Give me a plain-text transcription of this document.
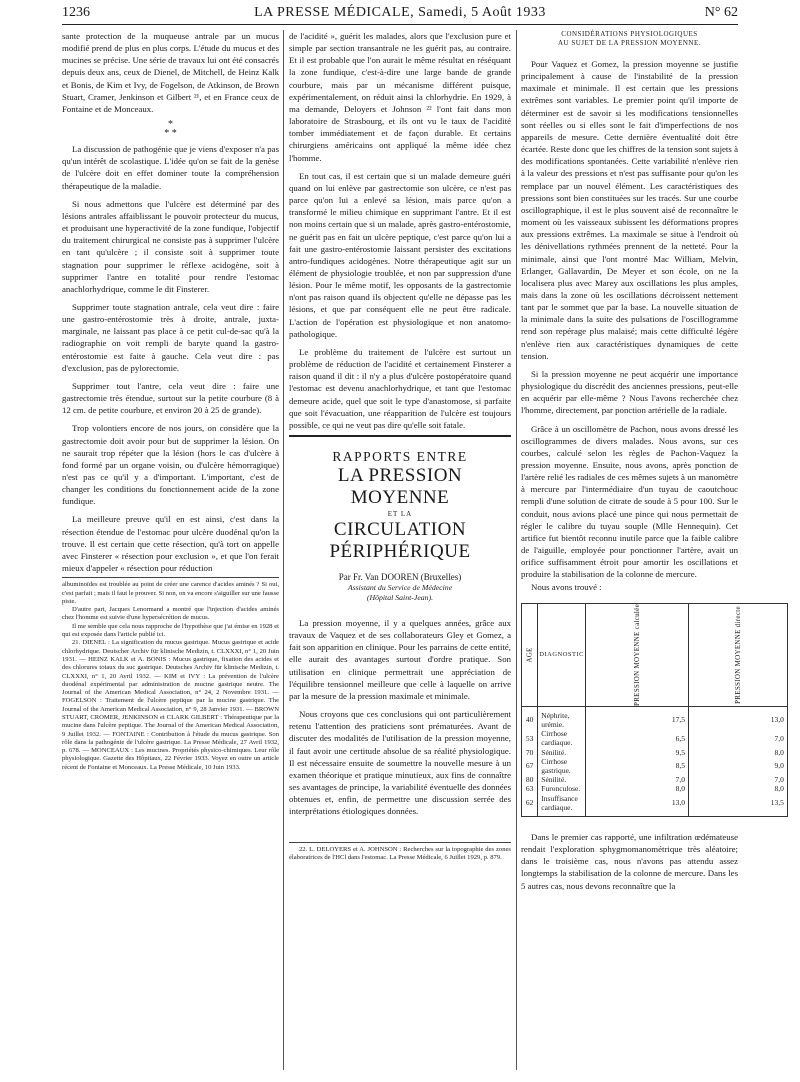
1236	LA PRESSE MÉDICALE, Samedi, 5 Août 1933	N° 62

sante protection de la muqueuse antrale par un mucus modifié prend de plus en plus corps. L'étude du mucus et des mucines se précise. Une série de travaux lui ont été consacrés depuis deux ans, ceux de Dienel, de Mitchell, de Heinz Kalk et Bonis, de Kim et Ivy, de Fogelson, de Atkinson, de Brown Stuart, Cramer, Jenkinson et Gilbert ²¹, et en France ceux de Fontaine et de Monceaux.

*
* *

La discussion de pathogénie que je viens d'exposer n'a pas qu'un intérêt de scolastique. L'idée qu'on se fait de la genèse de l'ulcère doit en effet dominer toute la compréhension thérapeutique de la maladie.

Si nous admettons que l'ulcère est déterminé par des lésions antrales affaiblissant le pouvoir protecteur du mucus, et produisant une hyperactivité de la zone fundique, l'objectif du traitement chirurgical ne consiste pas à supprimer l'ulcère en tant qu'ulcère ; il consiste soit à supprimer toute stagnation pour supprimer le réflexe acidogène, soit à supprimer l'antre en totalité pour rendre l'estomac anachlorhydrique, comme le dit Finsterer.

Supprimer toute stagnation antrale, cela veut dire : faire une gastro-entérostomie très à droite, antrale, juxta-marginale, ne laissant pas place à ce petit cul-de-sac qu'à la radiographie on voit rempli de baryte quand la gastro-entérostomie est faite à gauche. Cela veut dire : pas d'exclusion, pas de pylorectomie.

Supprimer tout l'antre, cela veut dire : faire une gastrectomie très étendue, surtout sur la petite courbure (8 à 12 cm. de petite courbure, et environ 20 à 25 de grande).

Trop volontiers encore de nos jours, on considère que la gastrectomie doit avoir pour but de supprimer la lésion. On ne saurait trop répéter que la lésion (hors le cas d'ulcère à fond formé par un organe voisin, ou d'ulcère hémorragique) n'est pas ce qu'il y a d'important. L'important, c'est de changer les conditions du fonctionnement acide de la zone fundique.

La meilleure preuve qu'il en est ainsi, c'est dans la résection étendue de l'estomac pour ulcère duodénal qu'on la trouve. Il est certain que cette résection, qu'à tort on appelle avec Finsterer « résection pour exclusion », et que l'on ferait mieux d'appeler « résection pour réduction

albuminoïdes est troublée au point de créer une carence d'acides aminés ? Si oui, c'est parfait ; mais il faut le prouver. Si non, on va encore s'aiguiller sur une fausse piste.

D'autre part, Jacques Lenormand a montré que l'injection d'acides aminés chez l'homme est suivie d'une hypersécrétion de mucus.

Il me semble que cela nous rapproche de l'hypothèse que j'ai émise en 1928 et qui est exposée dans l'article publié ici.

21. DIENEL : La signification du mucus gastrique. Mucus gastrique et acide chlorhydrique. Deutscher Archiv für klinische Medizin, t. CLXXXI, n° 1, 20 Juin 1931. — HEINZ KALK et A. BONIS : Mucus gastrique, fixation des acides et des chlorures totaux du suc gastrique. Deutsches Archiv für klinische Medizin, t. CLXXXI, n° 1, 20 Avril 1932. — KIM et IVY : La prévention de l'ulcère duodénal expérimental par administration de mucine gastrique neutre. The Journal of the American Medical Association, n° 24, 2 Novembre 1931. — FOGELSON : Traitement de l'ulcère peptique par la mucine gastrique. The Journal of the American Medical Association, n° 9, 28 Janvier 1931. — BROWN STUART, CROMER, JENKINSON et CLARK GILBERT : Thérapeutique par la mucine dans l'ulcère peptique. The Journal of the American Medical Association, 9 Juillet 1932. — FONTAINE : Contribution à l'étude du mucus gastrique. Son rôle dans la pathogénie de l'ulcère gastrique. La Presse Médicale, 27 Avril 1932, p. 678. — MONCEAUX : Les mucines. Propriétés physico-chimiques. Leur rôle physiologique. Gazette des Hôpitaux, 22 Février 1933. Voyez en outre un article récent de Fontaine et Monceaux. La Presse Médicale, 10 Juin 1933.

de l'acidité », guérit les malades, alors que l'exclusion pure et simple par section transantrale ne les guérit pas, au contraire. Et il est probable que l'on aurait le même résultat en réséquant la zone fundique, c'est-à-dire une large bande de grande courbure, mais par un mécanisme différent puisque, expérimentalement, on réduit ainsi la chlorhydrie. En 1929, à ma demande, Deloyers et Johnson ²² l'ont fait dans mon laboratoire de Strasbourg, et ils ont vu le taux de l'acidité tomber immédiatement et de façon durable. Et certains chirurgiens américains ont appliqué la même idée chez l'homme.

En tout cas, il est certain que si un malade demeure guéri quand on lui enlève par gastrectomie son ulcère, ce n'est pas parce qu'on lui a enlevé sa lésion, mais parce qu'on a transformé le milieu chimique en supprimant l'antre. Et il est non moins certain que si un malade, après gastro-entérostomie, ne guérit pas en fait un ulcère peptique, c'est parce qu'on lui a fait une gastro-entérostomie laissant persister des excitations antro-fundiques acidogènes. Notre thérapeutique agit sur un élément de physiologie troublée, et non par suppression d'une lésion. Pour le même motif, les opposants de la gastrectomie n'ont pas raison quand ils objectent qu'elle ne dépasse pas les lésions, et que par conséquent elle ne peut être radicale. L'action de l'opération est physiologique et non anatomo-pathologique.

Le problème du traitement de l'ulcère est surtout un problème de réduction de l'acidité et certainement Finsterer a raison quand il dit : il n'y a plus d'ulcère postopératoire quand l'estomac est devenu anachlorhydrique, et tant que l'estomac demeure acide, quel que soit le type d'anastomose, si parfaite que soit l'évacuation, une réapparition de l'ulcère est toujours possible, ce qui ne veut pas dire qu'elle soit fatale.

RAPPORTS ENTRE
LA PRESSION MOYENNE
ET LA
CIRCULATION PÉRIPHÉRIQUE
Par Fr. Van DOOREN (Bruxelles)
Assistant du Service de Médecine
(Hôpital Saint-Jean).

La pression moyenne, il y a quelques années, grâce aux travaux de Vaquez et de ses collaborateurs Gley et Gomez, a fait son apparition en clinique. Pour les parrains de cette entité, elle aurait des avantages surtout d'ordre pratique. Son utilisation en clinique permettrait une appréciation de l'équilibre tensionnel meilleure que celle à laquelle on arrive par la mesure de la pression maximale et minimale.

Nous croyons que ces conclusions qui ont particulièrement retenu l'attention des praticiens sont prématurées. Avant de discuter des modalités de l'utilisation de la pression moyenne, il faut avoir une certitude absolue de sa réalité physiologique. Il est nécessaire ensuite de soumettre la nouvelle mesure à un examen théorique et pratique minutieux, aux fins de connaître ses avantages de principe, la variabilité éventuelle des données obtenues et, enfin, de permettre une discussion serrée des interprétations étiologiques données.

22. L. DELOYERS et A. JOHNSON : Recherches sur la topographie des zones élaboratrices de l'HCl dans l'estomac. La Presse Médicale, 6 Juillet 1929, p. 879.

CONSIDÉRATIONS PHYSIOLOGIQUES
AU SUJET DE LA PRESSION MOYENNE.

Pour Vaquez et Gomez, la pression moyenne se justifie principalement à cause de l'instabilité de la pression maximale et minimale. Il est certain que les pressions extrêmes sont variables. Le premier point qu'il importe de déterminer est de savoir si les modifications tensionnelles sont réelles ou si elles sont le fait d'imperfections de nos appareils de mesure. Cette dernière éventualité doit être écartée. Reste donc que les chiffres de la tension sont sujets à des modifications spontanées. Cette variabilité n'enlève rien à la valeur des pressions et n'est pas suffisante pour qu'on les remplace par un nouvel élément. Les caractéristiques des pressions sont bien constituées sur les tracés. Sur une courbe oscillographique, il est le plus souvent aisé de reconnaître le moment où les vaisseaux subissent les déformations propres aux pressions extrêmes. La maximale se situe à l'endroit où les dénivellations rythmées prennent de la netteté. Pour la minimale, ainsi que l'ont montré Mac William, Melvin, Erlanger, Gallavardin, De Meyer et son école, on ne la localisera plus avec Marey aux oscillations les plus amples, mais dans la zone où les oscillations décroissent nettement tant par le sommet que par la base. La nouvelle situation de la minimale dans la suite des pulsations de l'oscillogramme rend son repérage plus malaisé; mais cette difficulté légère n'enlève rien aux caractéristiques dynamiques de cette tension.

Si la pression moyenne ne peut acquérir une importance physiologique du discrédit des anciennes pressions, peut-elle en acquérir par elle-même ? Nous l'avons recherchée chez l'homme, directement, par ponction artérielle de la radiale.

Grâce à un oscillomètre de Pachon, nous avons dressé les oscillogrammes de divers malades. Nous avons, sur ces courbes, calculé selon les règles de Pachon-Vaquez la pression moyenne. Ensuite, nous avons, après ponction de l'artère relié les radiales de ces mêmes sujets à un manomètre à mercure par l'intermédiaire d'un tuyau de caoutchouc rempli d'une solution de citrate de soude à 5 pour 100. Sur le conduit, nous avions placé une pince qui nous permettait de régler le calibre du tuyau souple (Mlle Hennequin). Cet artifice fut bientôt reconnu inutile parce que la faible calibre de l'aiguille, employée pour ponctionner l'artère, avait un orifice suffisamment étroit pour amortir les oscillations et produire la stabilisation de la colonne de mercure.

Nous avons trouvé :

AGE	DIAGNOSTIC	PRESSION MOYENNE calculée	PRESSION MOYENNE directe
40	Néphrite, urémie.	17,5	13,0
53	Cirrhose cardiaque.	6,5	7,0
70	Sénilité.	9,5	8,0
67	Cirrhose gastrique.	8,5	9,0
80	Sénilité.	7,0	7,0
63	Furonculose.	8,0	8,0
62	Insuffisance cardiaque.	13,0	13,5

Dans le premier cas rapporté, une infiltration œdémateuse rendait l'exploration sphygmomanométrique très aléatoire; dans le troisième cas, nous n'avons pas attendu assez longtemps la stabilisation de la colonne de mercure. Dans les 5 autres cas, nous devons reconnaître que la
